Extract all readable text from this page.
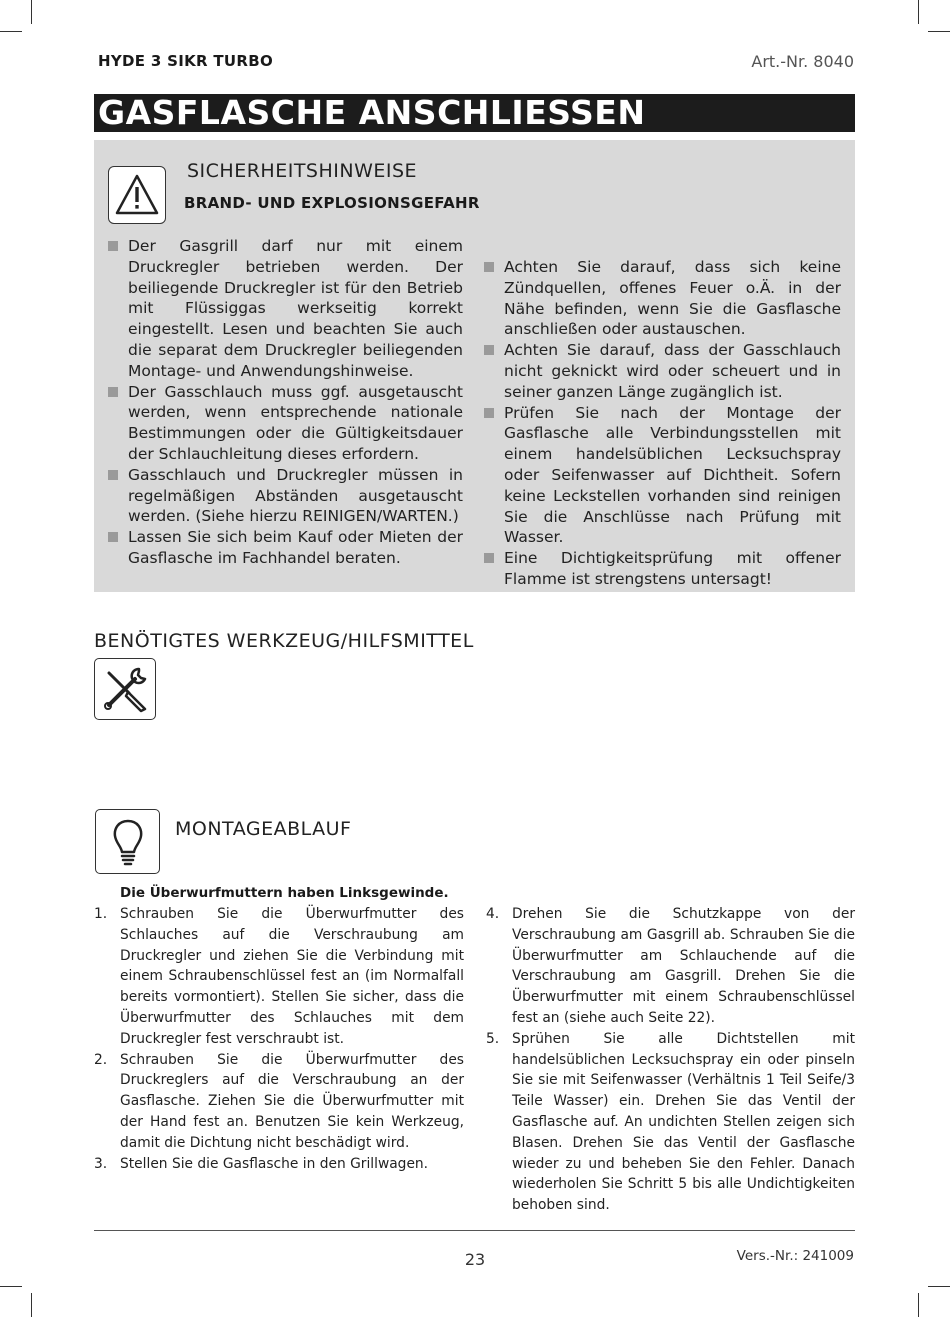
HYDE 3 SIKR TURBO	Art.-Nr. 8040
GASFLASCHE ANSCHLIESSEN
SICHERHEITSHINWEISE
BRAND- UND EXPLOSIONSGEFAHR
Der Gasgrill darf nur mit einem Druckregler betrieben werden. Der beiliegende Druckregler ist für den Betrieb mit Flüssiggas werkseitig korrekt eingestellt. Lesen und beachten Sie auch die separat dem Druckregler beiliegenden Montage- und Anwendungshinweise.
Der Gasschlauch muss ggf. ausgetauscht werden, wenn entsprechende nationale Bestimmungen oder die Gültigkeitsdauer der Schlauchleitung dieses erfordern.
Gasschlauch und Druckregler müssen in regelmäßigen Abständen ausgetauscht werden. (Siehe hierzu REINIGEN/WARTEN.)
Lassen Sie sich beim Kauf oder Mieten der Gasflasche im Fachhandel beraten.
Achten Sie darauf, dass sich keine Zündquellen, offenes Feuer o.Ä. in der Nähe befinden, wenn Sie die Gasflasche anschließen oder austauschen.
Achten Sie darauf, dass der Gasschlauch nicht geknickt wird oder scheuert und in seiner ganzen Länge zugänglich ist.
Prüfen Sie nach der Montage der Gasflasche alle Verbindungsstellen mit einem handelsüblichen Lecksuchspray oder Seifenwasser auf Dichtheit. Sofern keine Leckstellen vorhanden sind reinigen Sie die Anschlüsse nach Prüfung mit Wasser.
Eine Dichtigkeitsprüfung mit offener Flamme ist strengstens untersagt!
BENÖTIGTES WERKZEUG/HILFSMITTEL
MONTAGEABLAUF
Die Überwurfmuttern haben Linksgewinde.
1. Schrauben Sie die Überwurfmutter des Schlauches auf die Verschraubung am Druckregler und ziehen Sie die Verbindung mit einem Schraubenschlüssel fest an (im Normalfall bereits vormontiert). Stellen Sie sicher, dass die Überwurfmutter des Schlauches mit dem Druckregler fest verschraubt ist.
2. Schrauben Sie die Überwurfmutter des Druckreglers auf die Verschraubung an der Gasflasche. Ziehen Sie die Überwurfmutter mit der Hand fest an. Benutzen Sie kein Werkzeug, damit die Dichtung nicht beschädigt wird.
3. Stellen Sie die Gasflasche in den Grillwagen.
4. Drehen Sie die Schutzkappe von der Verschraubung am Gasgrill ab. Schrauben Sie die Überwurfmutter am Schlauchende auf die Verschraubung am Gasgrill. Drehen Sie die Überwurfmutter mit einem Schraubenschlüssel fest an (siehe auch Seite 22).
5. Sprühen Sie alle Dichtstellen mit handelsüblichen Lecksuchspray ein oder pinseln Sie sie mit Seifenwasser (Verhältnis 1 Teil Seife/3 Teile Wasser) ein. Drehen Sie das Ventil der Gasflasche auf. An undichten Stellen zeigen sich Blasen. Drehen Sie das Ventil der Gasflasche wieder zu und beheben Sie den Fehler. Danach wiederholen Sie Schritt 5 bis alle Undichtigkeiten behoben sind.
23	Vers.-Nr.: 241009
